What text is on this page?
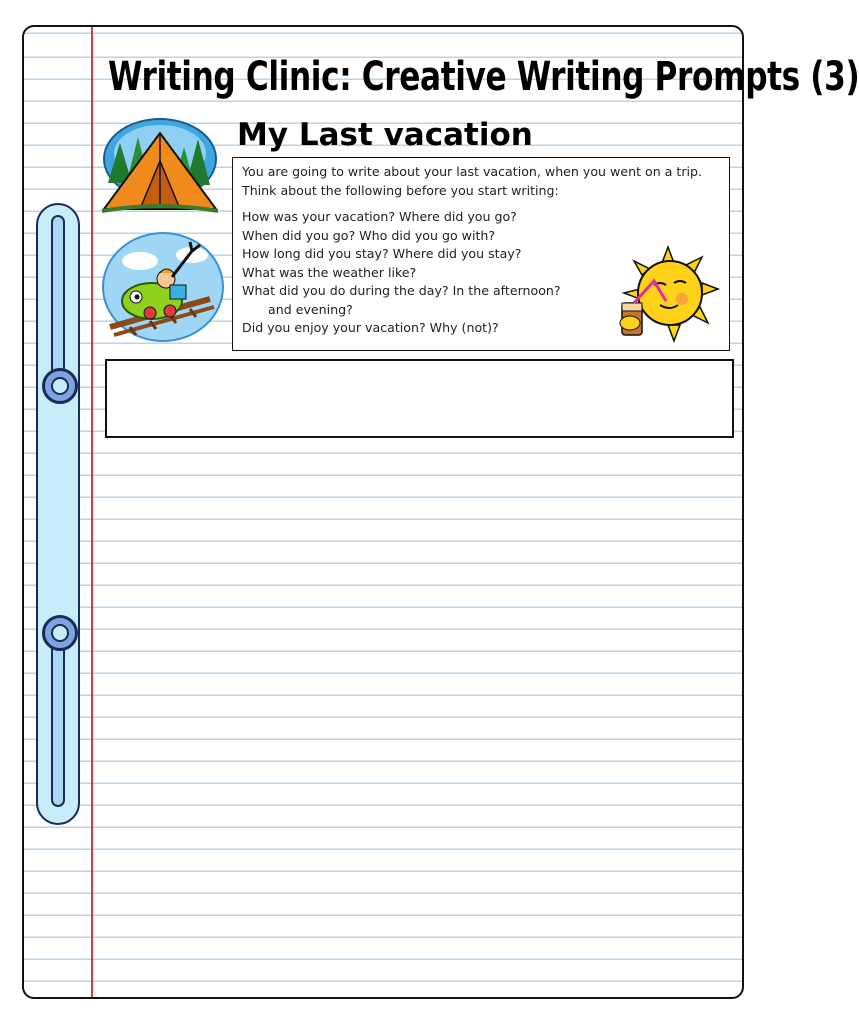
Writing Clinic: Creative Writing Prompts (3)
My Last vacation

You are going to write about your last vacation, when you went on a trip.

Think about the following before you start writing:

How was your vacation? Where did you go?

When did you go? Who did you go with?

How long did you stay? Where did you stay?

What was the weather like?

What did you do during the day? In the afternoon?

and evening?

Did you enjoy your vacation? Why (not)?
